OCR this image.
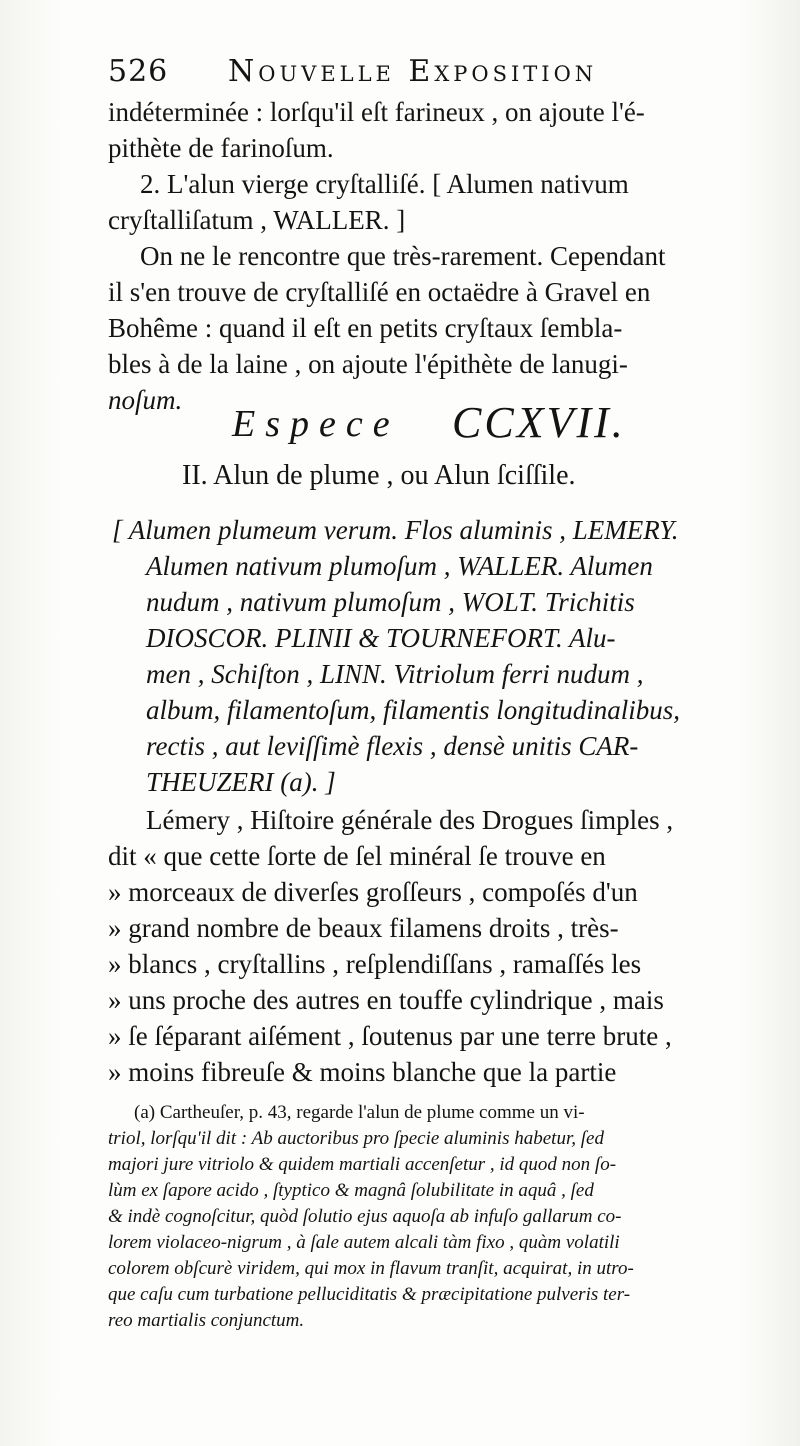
526 Nouvelle Exposition
indéterminée : lorſqu'il eſt farineux , on ajoute l'é-
pithète de farinoſum.
2. L'alun vierge cryſtalliſé. [ Alumen nativum
cryſtalliſatum , WALLER. ]
On ne le rencontre que très-rarement. Cependant
il s'en trouve de cryſtalliſé en octaëdre à Gravel en
Bohême : quand il eſt en petits cryſtaux ſembla-
bles à de la laine , on ajoute l'épithète de lanugi-
noſum.
Espece CCXVII.
II. Alun de plume , ou Alun ſciſſile.
[ Alumen plumeum verum. Flos aluminis , LEMERY.
Alumen nativum plumoſum , WALLER. Alumen
nudum , nativum plumoſum , WOLT. Trichitis
DIOSCOR. PLINII & TOURNEFORT. Alu-
men , Schiſton , LINN. Vitriolum ferri nudum ,
album, filamentoſum, filamentis longitudinalibus,
rectis , aut leviſſimè flexis , densè unitis CAR-
THEUZERI (a). ]
Lémery , Hiſtoire générale des Drogues ſimples ,
dit « que cette ſorte de ſel minéral ſe trouve en
» morceaux de diverſes groſſeurs , compoſés d'un
» grand nombre de beaux filamens droits , très-
» blancs , cryſtallins , reſplendiſſans , ramaſſés les
» uns proche des autres en touffe cylindrique , mais
» ſe ſéparant aiſément , ſoutenus par une terre brute ,
» moins fibreuſe & moins blanche que la partie
(a) Cartheuſer, p. 43, regarde l'alun de plume comme un vi-
triol, lorſqu'il dit : Ab auctoribus pro ſpecie aluminis habetur, ſed
majori jure vitriolo & quidem martiali accenſetur , id quod non ſo-
lùm ex ſapore acido , ſtyptico & magnâ ſolubilitate in aquâ , ſed
& indè cognoſcitur, quòd ſolutio ejus aquoſa ab infuſo gallarum co-
lorem violaceo-nigrum , à ſale autem alcali tàm fixo , quàm volatili
colorem obſcurè viridem, qui mox in flavum tranſit, acquirat, in utro-
que caſu cum turbatione pelluciditatis & præcipitatione pulveris ter-
reo martialis conjunctum.
